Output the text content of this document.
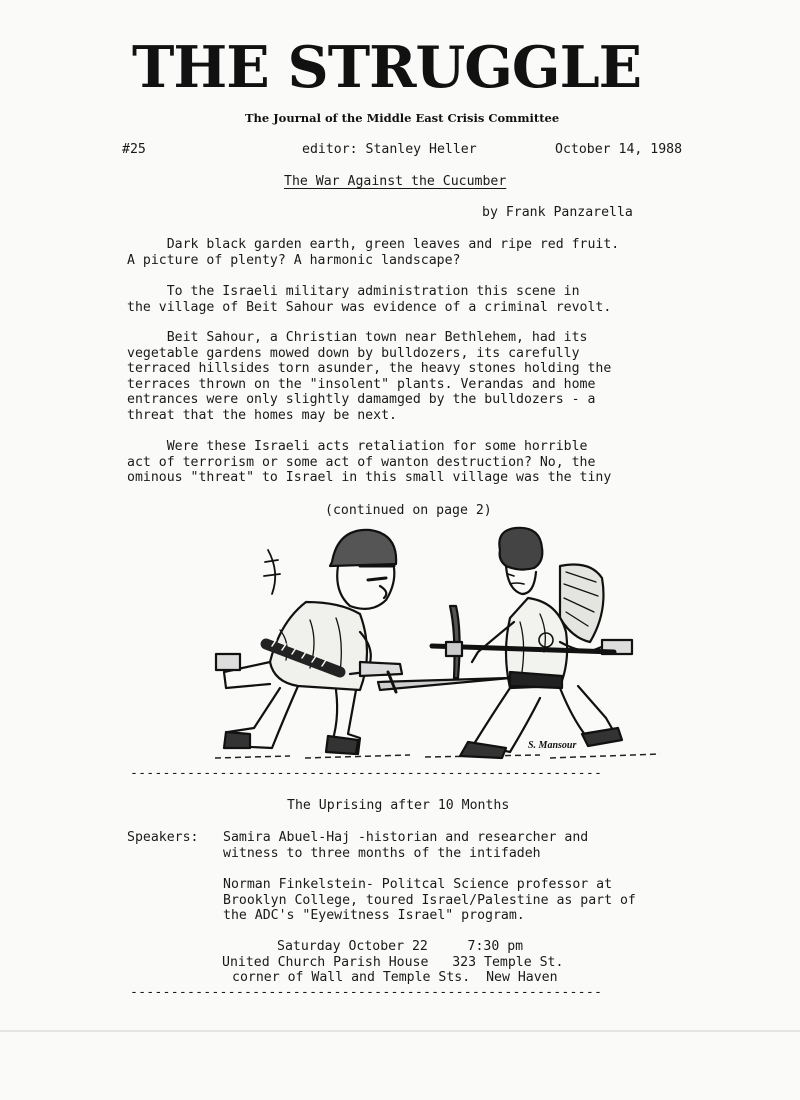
THE STRUGGLE
The Journal of the Middle East Crisis Committee
#25	editor: Stanley Heller	October 14, 1988
The War Against the Cucumber
by Frank Panzarella
Dark black garden earth, green leaves and ripe red fruit.
A picture of plenty? A harmonic landscape?
To the Israeli military administration this scene in
the village of Beit Sahour was evidence of a criminal revolt.
Beit Sahour, a Christian town near Bethlehem, had its
vegetable gardens mowed down by bulldozers, its carefully
terraced hillsides torn asunder, the heavy stones holding the
terraces thrown on the "insolent" plants. Verandas and home
entrances were only slightly damamged by the bulldozers - a
threat that the homes may be next.
Were these Israeli acts retaliation for some horrible
act of terrorism or some act of wanton destruction? No, the
ominous "threat" to Israel in this small village was the tiny
(continued on page 2)
S. Mansour
----------------------------------------------------------
The Uprising after 10 Months
Speakers: Samira Abuel-Haj -historian and researcher and
witness to three months of the intifadeh
Norman Finkelstein- Politcal Science professor at
Brooklyn College, toured Israel/Palestine as part of
the ADC's "Eyewitness Israel" program.
Saturday October 22     7:30 pm
United Church Parish House   323 Temple St.
corner of Wall and Temple Sts.  New Haven
----------------------------------------------------------
